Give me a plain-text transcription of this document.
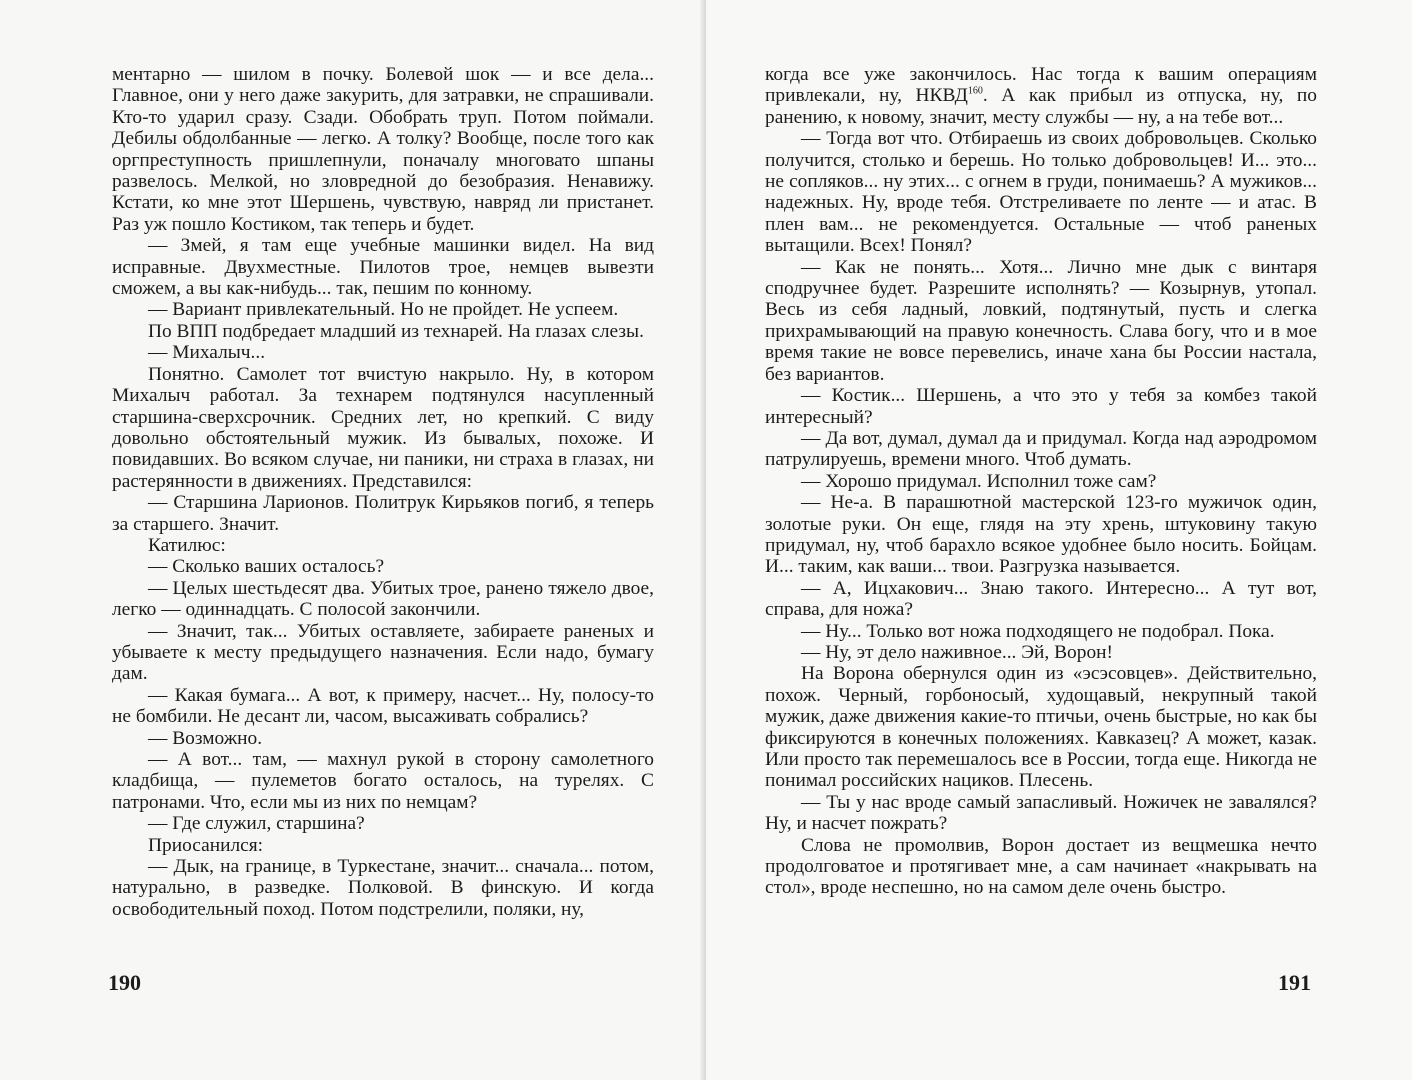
ментарно — шилом в почку. Болевой шок — и все дела... Главное, они у него даже закурить, для затравки, не спрашивали. Кто-то ударил сразу. Сзади. Обобрать труп. Потом поймали. Дебилы обдолбанные — легко. А толку? Вообще, после того как оргпреступность пришлепнули, поначалу многовато шпаны развелось. Мелкой, но зловредной до безобразия. Ненавижу. Кстати, ко мне этот Шершень, чувствую, навряд ли пристанет. Раз уж пошло Костиком, так теперь и будет.

— Змей, я там еще учебные машинки видел. На вид исправные. Двухместные. Пилотов трое, немцев вывезти сможем, а вы как-нибудь... так, пешим по конному.

— Вариант привлекательный. Но не пройдет. Не успеем.

По ВПП подбредает младший из технарей. На глазах слезы.

— Михалыч...

Понятно. Самолет тот вчистую накрыло. Ну, в котором Михалыч работал. За технарем подтянулся насупленный старшина-сверхсрочник. Средних лет, но крепкий. С виду довольно обстоятельный мужик. Из бывалых, похоже. И повидавших. Во всяком случае, ни паники, ни страха в глазах, ни растерянности в движениях. Представился:

— Старшина Ларионов. Политрук Кирьяков погиб, я теперь за старшего. Значит.

Катилюс:

— Сколько ваших осталось?

— Целых шестьдесят два. Убитых трое, ранено тяжело двое, легко — одиннадцать. С полосой закончили.

— Значит, так... Убитых оставляете, забираете раненых и убываете к месту предыдущего назначения. Если надо, бумагу дам.

— Какая бумага... А вот, к примеру, насчет... Ну, полосу-то не бомбили. Не десант ли, часом, высаживать собрались?

— Возможно.

— А вот... там, — махнул рукой в сторону самолетного кладбища, — пулеметов богато осталось, на турелях. С патронами. Что, если мы из них по немцам?

— Где служил, старшина?

Приосанился:

— Дык, на границе, в Туркестане, значит... сначала... потом, натурально, в разведке. Полковой. В финскую. И когда освободительный поход. Потом подстрелили, поляки, ну,

190

когда все уже закончилось. Нас тогда к вашим операциям привлекали, ну, НКВД$^{160}$. А как прибыл из отпуска, ну, по ранению, к новому, значит, месту службы — ну, а на тебе вот...

— Тогда вот что. Отбираешь из своих добровольцев. Сколько получится, столько и берешь. Но только добровольцев! И... это... не сопляков... ну этих... с огнем в груди, понимаешь? А мужиков... надежных. Ну, вроде тебя. Отстреливаете по ленте — и атас. В плен вам... не рекомендуется. Остальные — чтоб раненых вытащили. Всех! Понял?

— Как не понять... Хотя... Лично мне дык с винтаря сподручнее будет. Разрешите исполнять? — Козырнув, утопал. Весь из себя ладный, ловкий, подтянутый, пусть и слегка прихрамывающий на правую конечность. Слава богу, что и в мое время такие не вовсе перевелись, иначе хана бы России настала, без вариантов.

— Костик... Шершень, а что это у тебя за комбез такой интересный?

— Да вот, думал, думал да и придумал. Когда над аэродромом патрулируешь, времени много. Чтоб думать.

— Хорошо придумал. Исполнил тоже сам?

— Не-а. В парашютной мастерской 123-го мужичок один, золотые руки. Он еще, глядя на эту хрень, штуковину такую придумал, ну, чтоб барахло всякое удобнее было носить. Бойцам. И... таким, как ваши... твои. Разгрузка называется.

— А, Ицхакович... Знаю такого. Интересно... А тут вот, справа, для ножа?

— Ну... Только вот ножа подходящего не подобрал. Пока.

— Ну, эт дело наживное... Эй, Ворон!

На Ворона обернулся один из «эсэсовцев». Действительно, похож. Черный, горбоносый, худощавый, некрупный такой мужик, даже движения какие-то птичьи, очень быстрые, но как бы фиксируются в конечных положениях. Кавказец? А может, казак. Или просто так перемешалось все в России, тогда еще. Никогда не понимал российских нациков. Плесень.

— Ты у нас вроде самый запасливый. Ножичек не завалялся? Ну, и насчет пожрать?

Слова не промолвив, Ворон достает из вещмешка нечто продолговатое и протягивает мне, а сам начинает «накрывать на стол», вроде неспешно, но на самом деле очень быстро.

191
